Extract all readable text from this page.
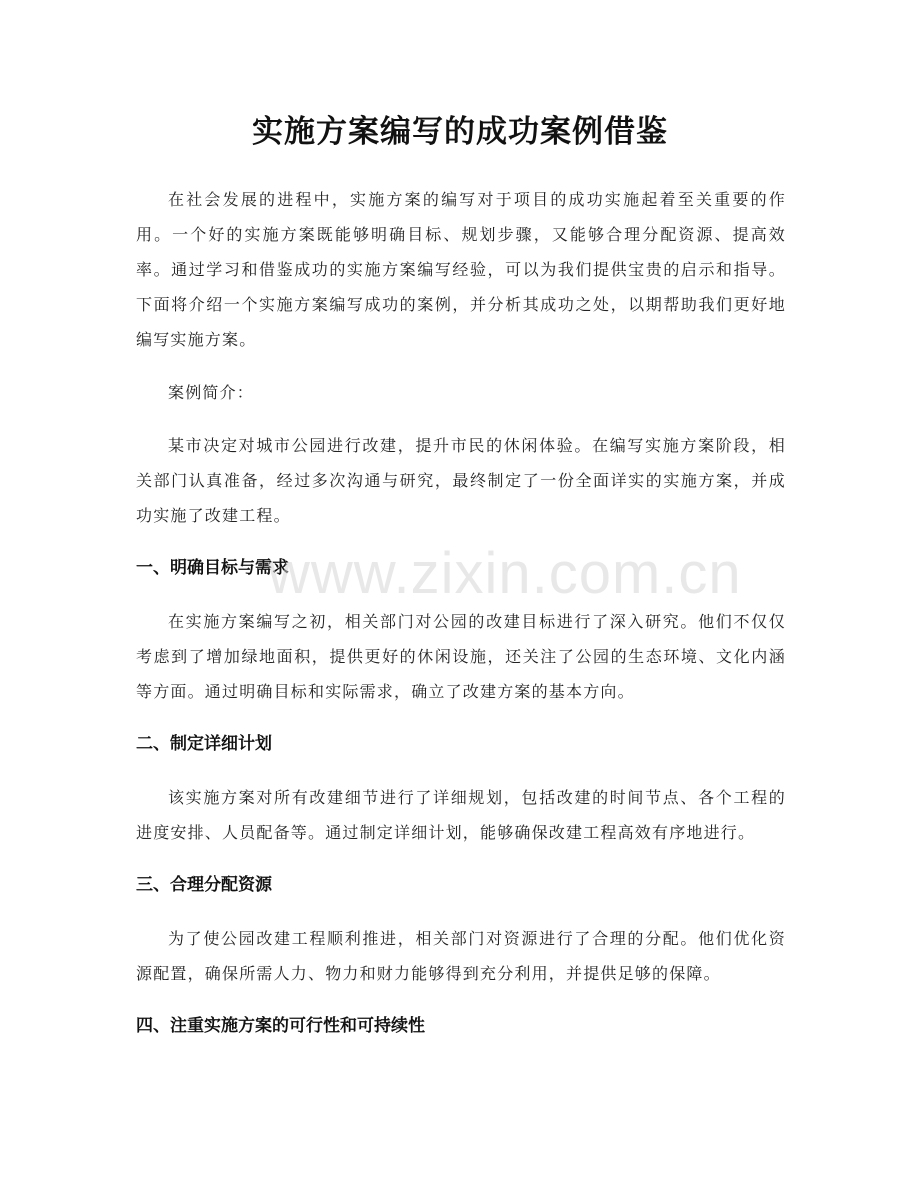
实施方案编写的成功案例借鉴

在社会发展的进程中，实施方案的编写对于项目的成功实施起着至关重要的作用。一个好的实施方案既能够明确目标、规划步骤，又能够合理分配资源、提高效率。通过学习和借鉴成功的实施方案编写经验，可以为我们提供宝贵的启示和指导。下面将介绍一个实施方案编写成功的案例，并分析其成功之处，以期帮助我们更好地编写实施方案。

案例简介：

某市决定对城市公园进行改建，提升市民的休闲体验。在编写实施方案阶段，相关部门认真准备，经过多次沟通与研究，最终制定了一份全面详实的实施方案，并成功实施了改建工程。

一、明确目标与需求

在实施方案编写之初，相关部门对公园的改建目标进行了深入研究。他们不仅仅考虑到了增加绿地面积，提供更好的休闲设施，还关注了公园的生态环境、文化内涵等方面。通过明确目标和实际需求，确立了改建方案的基本方向。

二、制定详细计划

该实施方案对所有改建细节进行了详细规划，包括改建的时间节点、各个工程的进度安排、人员配备等。通过制定详细计划，能够确保改建工程高效有序地进行。

三、合理分配资源

为了使公园改建工程顺利推进，相关部门对资源进行了合理的分配。他们优化资源配置，确保所需人力、物力和财力能够得到充分利用，并提供足够的保障。

四、注重实施方案的可行性和可持续性
www.zixin.com.cn
